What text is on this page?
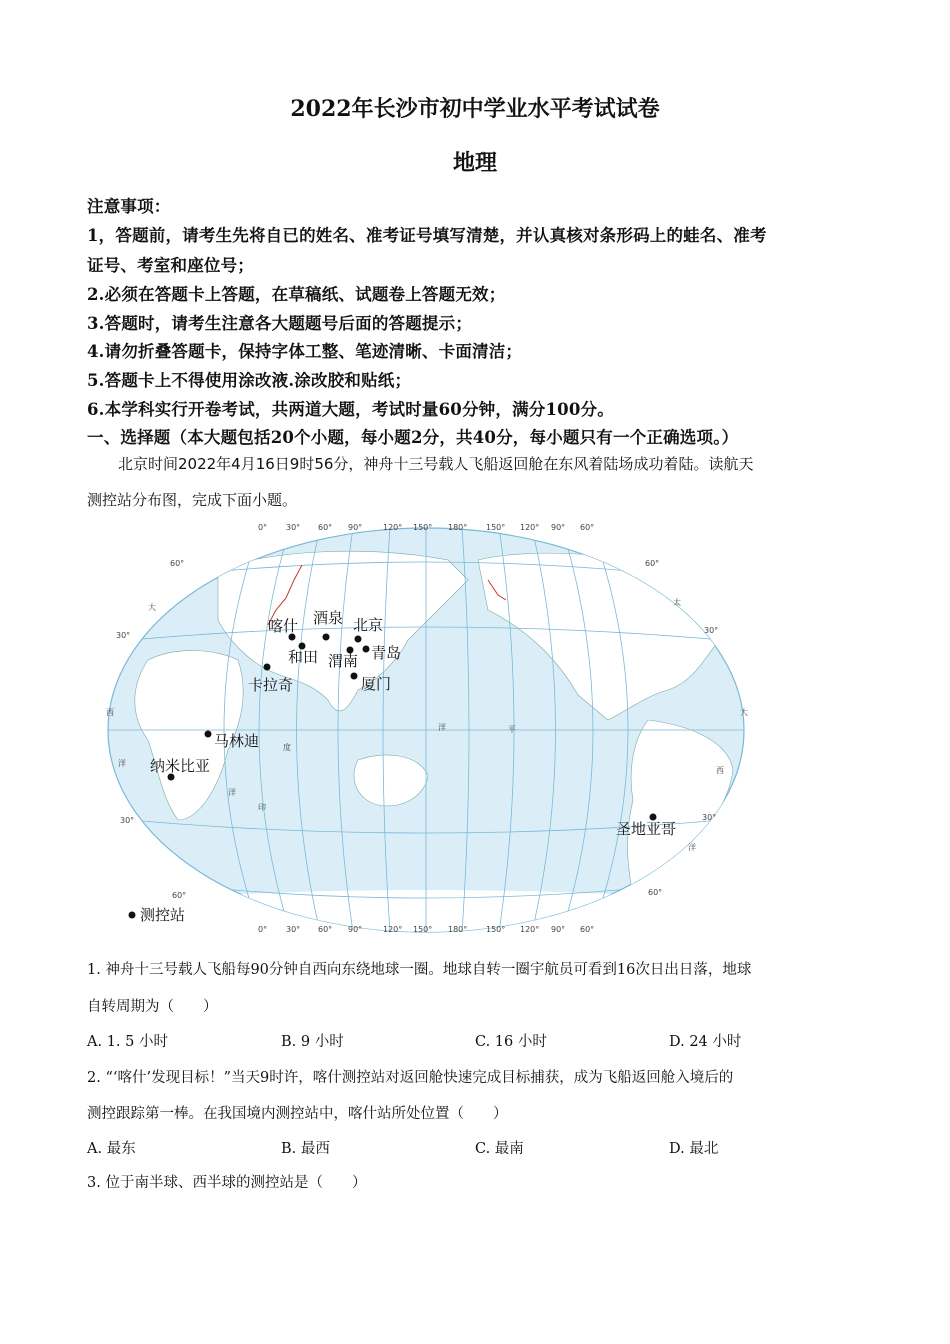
2022年长沙市初中学业水平考试试卷
地理
注意事项：
1，答题前，请考生先将自已的姓名、准考证号填写清楚，并认真核对条形码上的蛙名、准考
证号、考室和座位号；
2.必须在答题卡上答题，在草稿纸、试题卷上答题无效；
3.答题时，请考生注意各大题题号后面的答题提示；
4.请勿折叠答题卡，保持字体工整、笔迹清晰、卡面清洁；
5.答题卡上不得使用涂改液.涂改胶和贴纸；
6.本学科实行开卷考试，共两道大题，考试时量60分钟，满分100分。
一、选择题（本大题包括20个小题，每小题2分，共40分，每小题只有一个正确选项。）
北京时间2022年4月16日9时56分，神舟十三号载人飞船返回舱在东风着陆场成功着陆。读航天
测控站分布图，完成下面小题。
0° 30° 60° 90°	120° 150° 180° 150° 120° 90° 60°
0° 30° 60° 90°	120° 150° 180° 150° 120° 90° 60°
60°
30°
30°
60°
60°
30°
30°
60°
大
西
洋
太
平
洋
印
度
洋
大
西
洋
喀什 酒泉 北京
和田 渭南 青岛
卡拉奇	厦门
马林迪
纳米比亚
圣地亚哥
测控站
1. 神舟十三号载人飞船每90分钟自西向东绕地球一圈。地球自转一圈宇航员可看到16次日出日落，地球
自转周期为（　　）
A. 1. 5 小时	B. 9 小时	C. 16 小时	D. 24 小时
2. “‘喀什’发现目标！”当天9时许，喀什测控站对返回舱快速完成目标捕获，成为飞船返回舱入境后的
测控跟踪第一棒。在我国境内测控站中，喀什站所处位置（　　）
A. 最东	B. 最西	C. 最南	D. 最北
3. 位于南半球、西半球的测控站是（　　）
